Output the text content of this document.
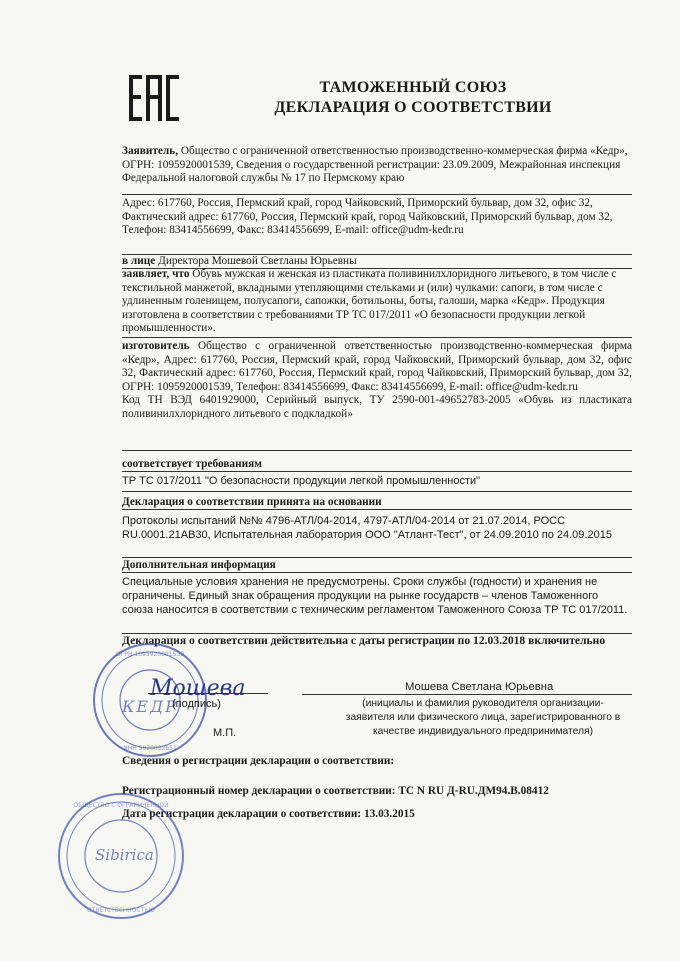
ТАМОЖЕННЫЙ СОЮЗ
ДЕКЛАРАЦИЯ О СООТВЕТСТВИИ

Заявитель, Общество с ограниченной ответственностью производственно-коммерческая фирма «Кедр», ОГРН: 1095920001539, Сведения о государственной регистрации: 23.09.2009, Межрайонная инспекция Федеральной налоговой службы № 17 по Пермскому краю

Адрес: 617760, Россия, Пермский край, город Чайковский, Приморский бульвар, дом 32, офис 32, Фактический адрес: 617760, Россия, Пермский край, город Чайковский, Приморский бульвар, дом 32, Телефон: 83414556699, Факс: 83414556699, E-mail: office@udm-kedr.ru

в лице Директора Мошевой Светланы Юрьевны

заявляет, что Обувь мужская и женская из пластиката поливинилхлоридного литьевого, в том числе с текстильной манжетой, вкладными утепляющими стельками и (или) чулками: сапоги, в том числе с удлиненным голенищем, полусапоги, сапожки, ботильоны, боты, галоши, марка «Кедр». Продукция изготовлена в соответствии с требованиями ТР ТС 017/2011 «О безопасности продукции легкой промышленности».

изготовитель Общество с ограниченной ответственностью производственно-коммерческая фирма «Кедр», Адрес: 617760, Россия, Пермский край, город Чайковский, Приморский бульвар, дом 32, офис 32, Фактический адрес: 617760, Россия, Пермский край, город Чайковский, Приморский бульвар, дом 32, ОГРН: 1095920001539, Телефон: 83414556699, Факс: 83414556699, E-mail: office@udm-kedr.ru

Код ТН ВЭД 6401929000, Серийный выпуск, ТУ 2590-001-49652783-2005 «Обувь из пластиката поливинилхлоридного литьевого с подкладкой»

соответствует требованиям

ТР ТС 017/2011 "О безопасности продукции легкой промышленности"

Декларация о соответствии принята на основании

Протоколы испытаний №№ 4796-АТЛ/04-2014, 4797-АТЛ/04-2014 от 21.07.2014, РОСС RU.0001.21АВ30, Испытательная лаборатория ООО "Атлант-Тест", от 24.09.2010 по 24.09.2015

Дополнительная информация

Специальные условия хранения не предусмотрены. Сроки службы (годности) и хранения не ограничены. Единый знак обращения продукции на рынке государств – членов Таможенного союза наносится в соответствии с техническим регламентом Таможенного Союза ТР ТС 017/2011.

Декларация о соответствии действительна с даты регистрации по 12.03.2018 включительно

ОГРН 1095920001539
ИНН 5920032651
Мошева
КЕДР
(подпись)
М.П.
Мошева Светлана Юрьевна
(инициалы и фамилия руководителя организации-заявителя или физического лица, зарегистрированного в качестве индивидуального предпринимателя)
Сведения о регистрации декларации о соответствии:
Регистрационный номер декларации о соответствии: ТС N RU Д-RU.ДМ94.В.08412
Дата регистрации декларации о соответствии: 13.03.2015
ОБЩЕСТВО С ОГРАНИЧЕННОЙ
ОТВЕТСТВЕННОСТЬЮ
Sibirica
